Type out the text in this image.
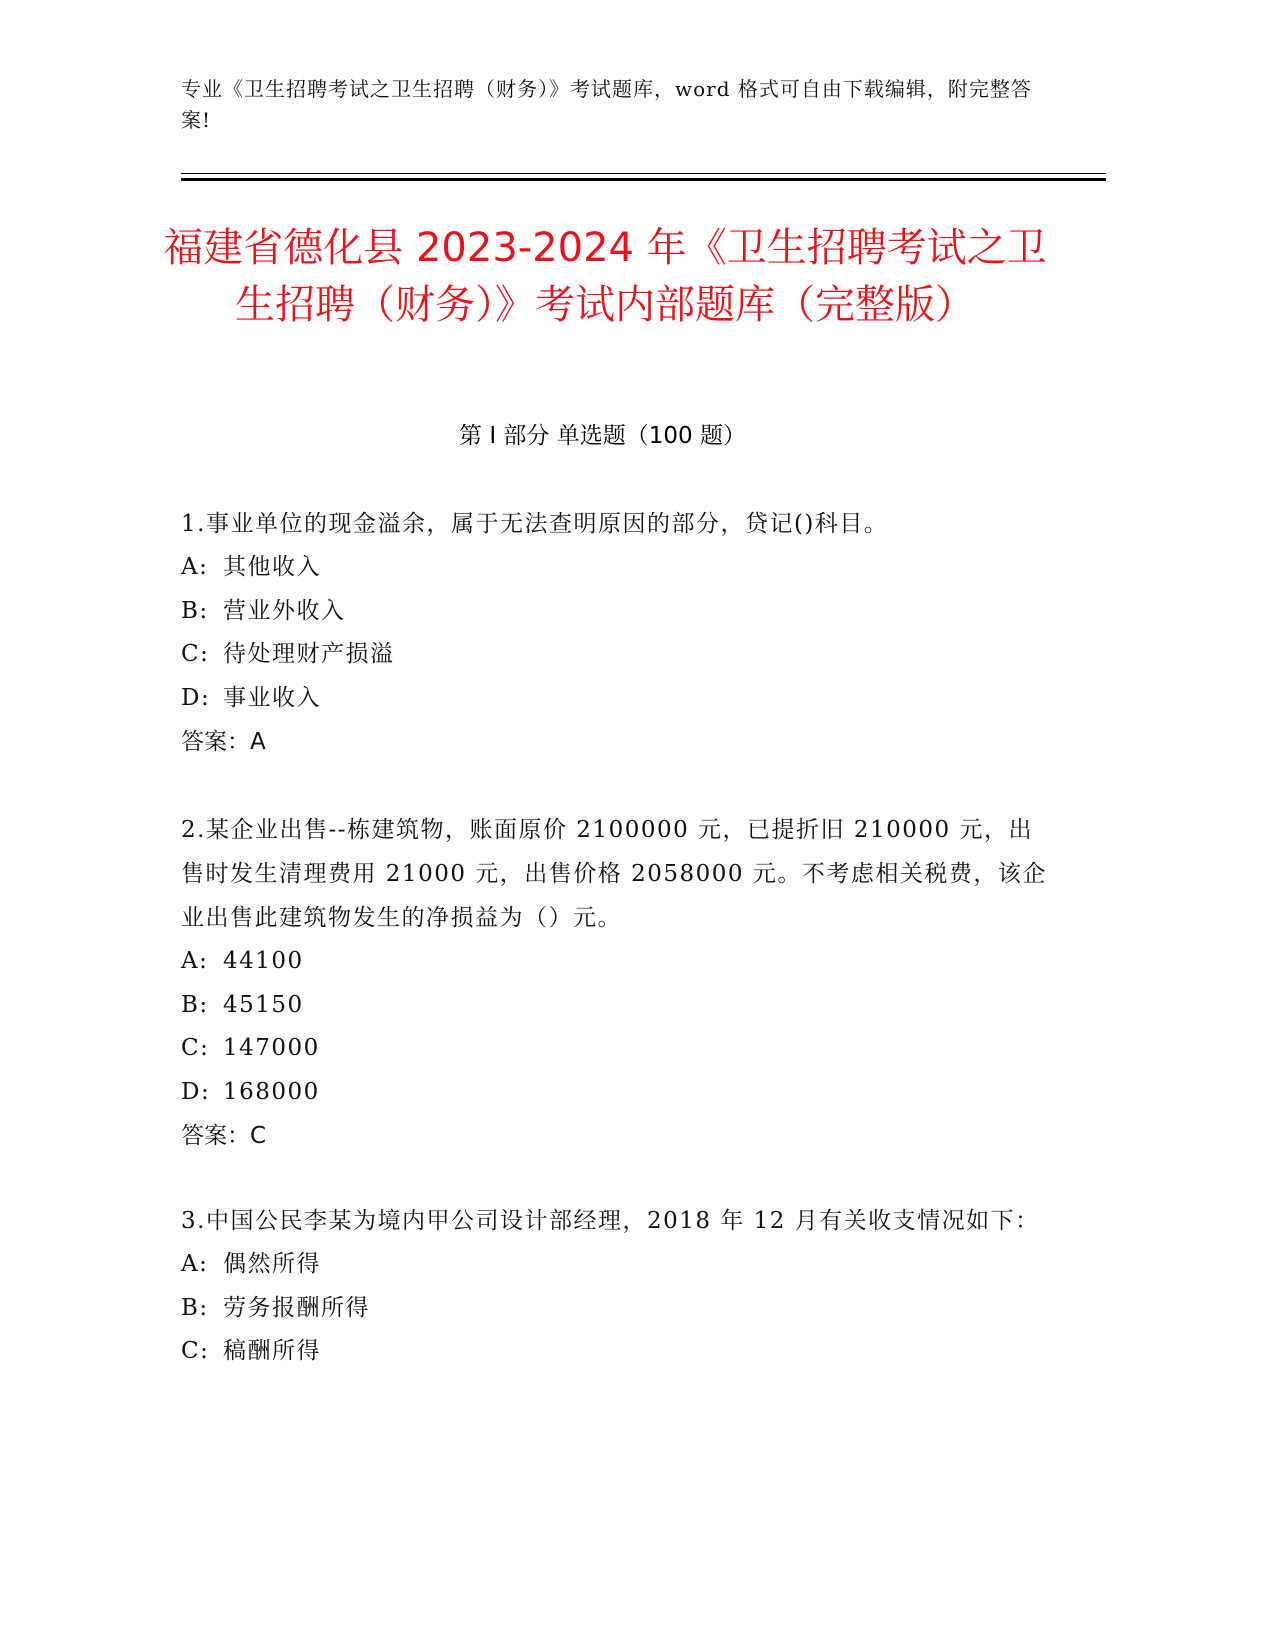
专业《卫生招聘考试之卫生招聘（财务）》考试题库，word 格式可自由下载编辑，附完整答案!
福建省德化县 2023-2024 年《卫生招聘考试之卫生招聘（财务）》考试内部题库（完整版）
第 I 部分 单选题（100 题）
1.事业单位的现金溢余，属于无法查明原因的部分，贷记()科目。
A: 其他收入
B: 营业外收入
C: 待处理财产损溢
D: 事业收入
答案：A
2.某企业出售--栋建筑物，账面原价 2100000 元，已提折旧 210000 元，出售时发生清理费用 21000 元，出售价格 2058000 元。不考虑相关税费，该企业出售此建筑物发生的净损益为（）元。
A: 44100
B: 45150
C: 147000
D: 168000
答案：C
3.中国公民李某为境内甲公司设计部经理，2018 年 12 月有关收支情况如下：
A: 偶然所得
B: 劳务报酬所得
C: 稿酬所得
